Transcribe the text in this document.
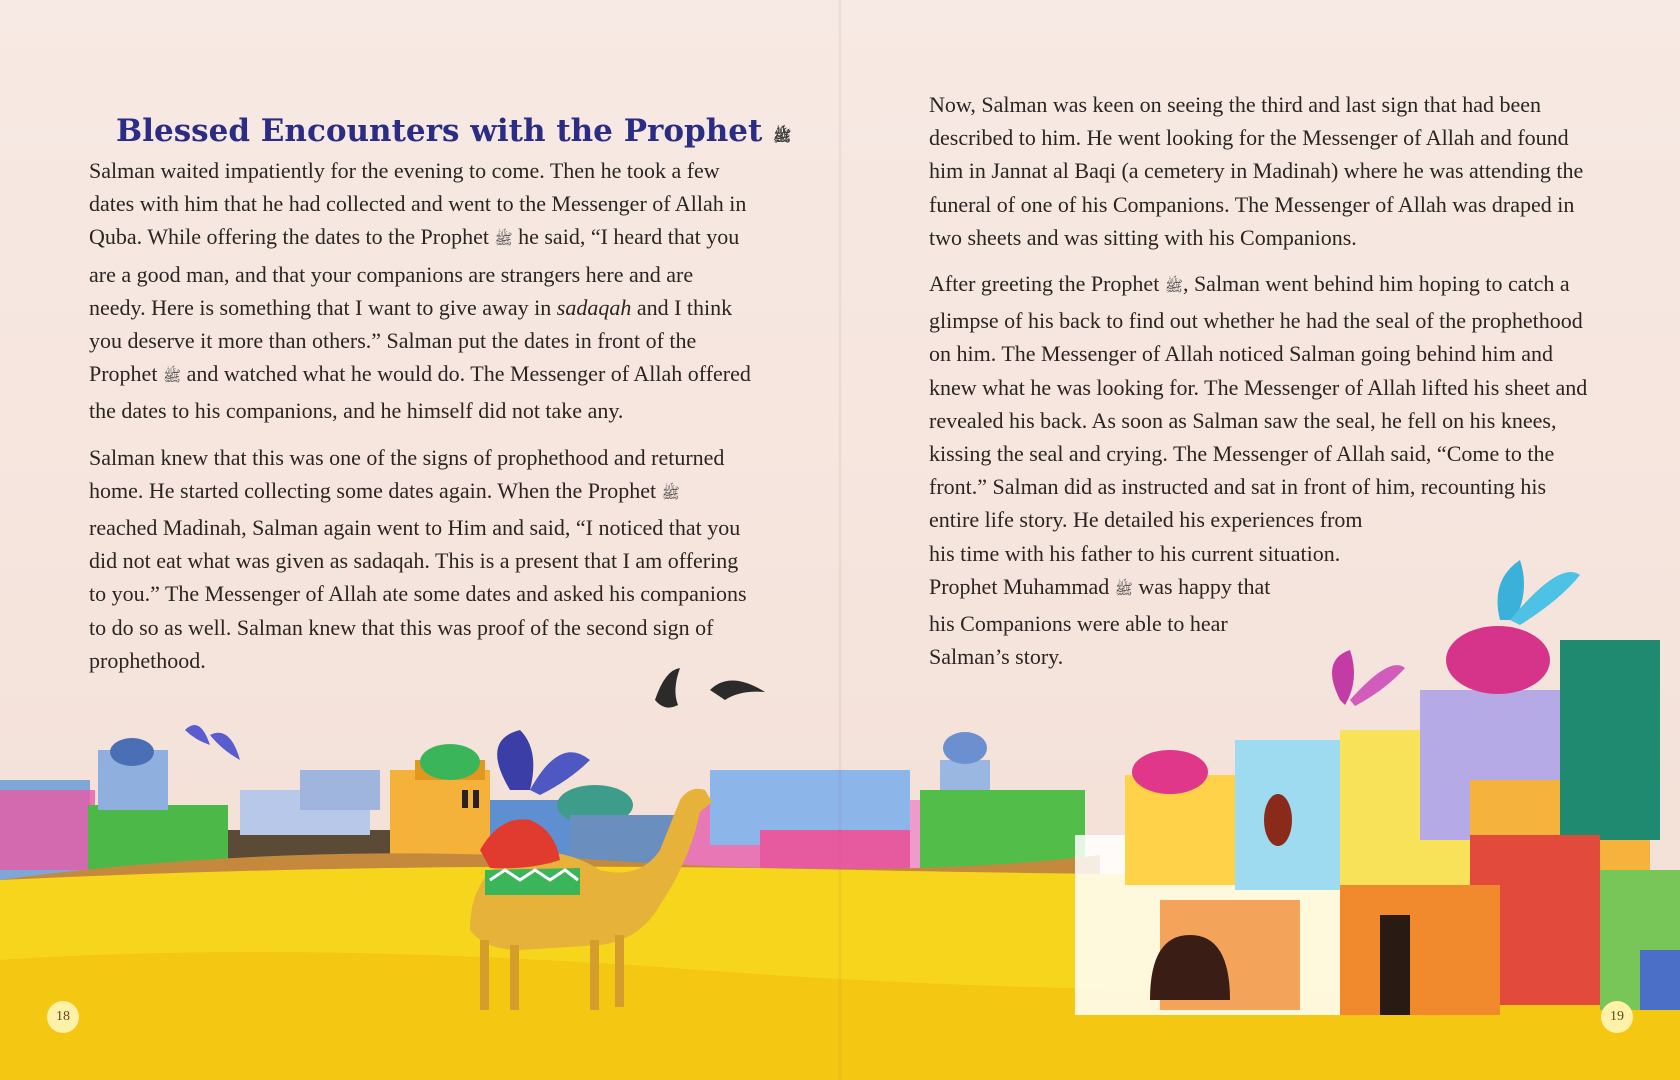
Blessed Encounters with the Prophet ﷺ

Salman waited impatiently for the evening to come. Then he took a few dates with him that he had collected and went to the Messenger of Allah in Quba. While offering the dates to the Prophet ﷺ he said, “I heard that you are a good man, and that your companions are strangers here and are needy. Here is something that I want to give away in sadaqah and I think you deserve it more than others.” Salman put the dates in front of the Prophet ﷺ and watched what he would do. The Messenger of Allah offered the dates to his companions, and he himself did not take any.

Salman knew that this was one of the signs of prophethood and returned home. He started collecting some dates again. When the Prophet ﷺ reached Madinah, Salman again went to Him and said, “I noticed that you did not eat what was given as sadaqah. This is a present that I am offering to you.” The Messenger of Allah ate some dates and asked his companions to do so as well. Salman knew that this was proof of the second sign of prophethood.

18

Now, Salman was keen on seeing the third and last sign that had been described to him. He went looking for the Messenger of Allah and found him in Jannat al Baqi (a cemetery in Madinah) where he was attending the funeral of one of his Companions. The Messenger of Allah was draped in two sheets and was sitting with his Companions.

After greeting the Prophet ﷺ, Salman went behind him hoping to catch a glimpse of his back to find out whether he had the seal of the prophethood on him. The Messenger of Allah noticed Salman going behind him and knew what he was looking for. The Messenger of Allah lifted his sheet and revealed his back. As soon as Salman saw the seal, he fell on his knees, kissing the seal and crying. The Messenger of Allah said, “Come to the front.” Salman did as instructed and sat in front of him, recounting his

entire life story. He detailed his experiences from
his time with his father to his current situation.
Prophet Muhammad ﷺ was happy that
his Companions were able to hear
Salman’s story.
19
